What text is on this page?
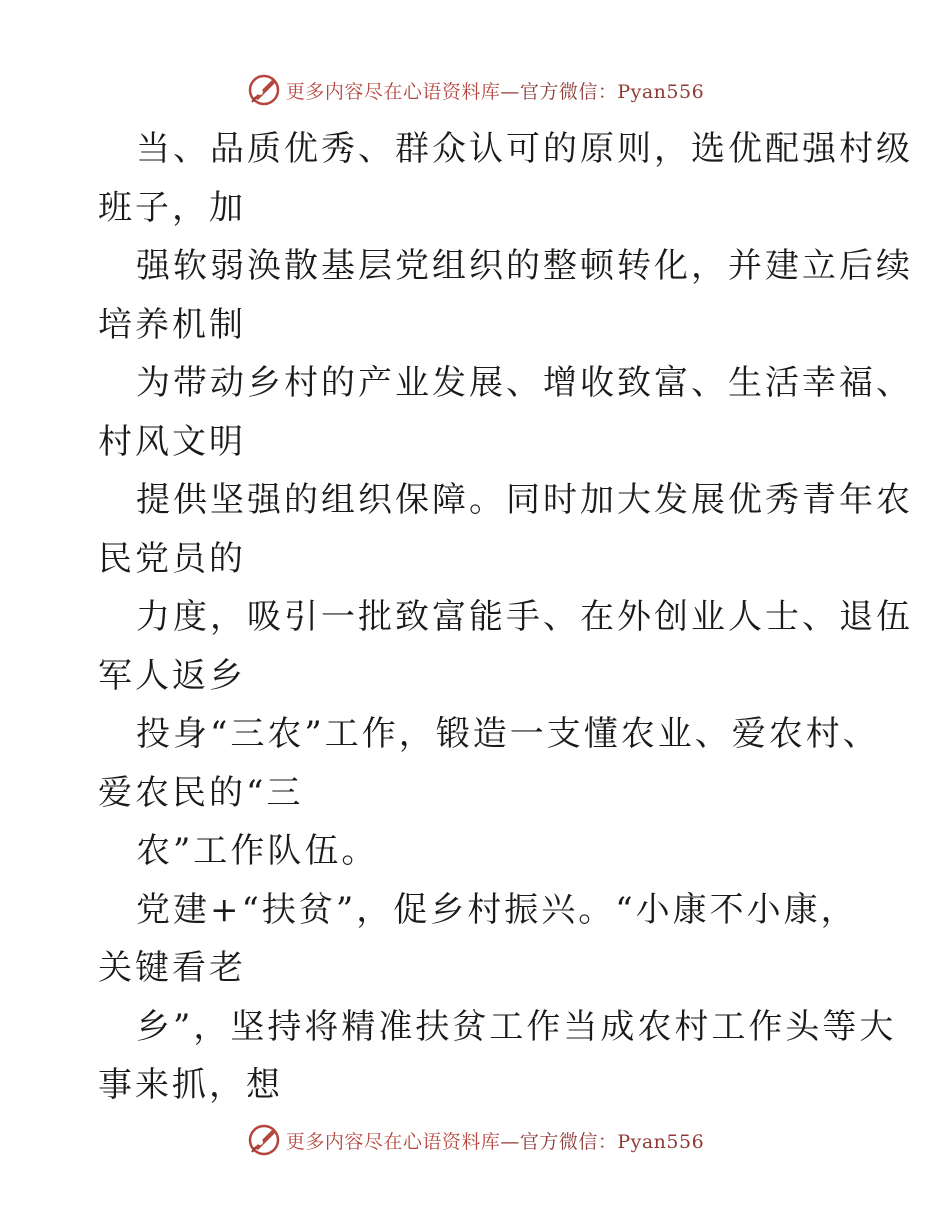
更多内容尽在心语资料库 —官方微信：Pyan556
当、品质优秀、群众认可的原则，选优配强村级
班子，加
强软弱涣散基层党组织的整顿转化，并建立后续
培养机制
为带动乡村的产业发展、增收致富、生活幸福、
村风文明
提供坚强的组织保障。同时加大发展优秀青年农
民党员的
力度，吸引一批致富能手、在外创业人士、退伍
军人返乡
投身“三农”工作，锻造一支懂农业、爱农村、
爱农民的“三
农”工作队伍。
党建+“扶贫”，促乡村振兴。“小康不小康，
关键看老
乡”，坚持将精准扶贫工作当成农村工作头等大
事来抓，想
更多内容尽在心语资料库 —官方微信：Pyan556
